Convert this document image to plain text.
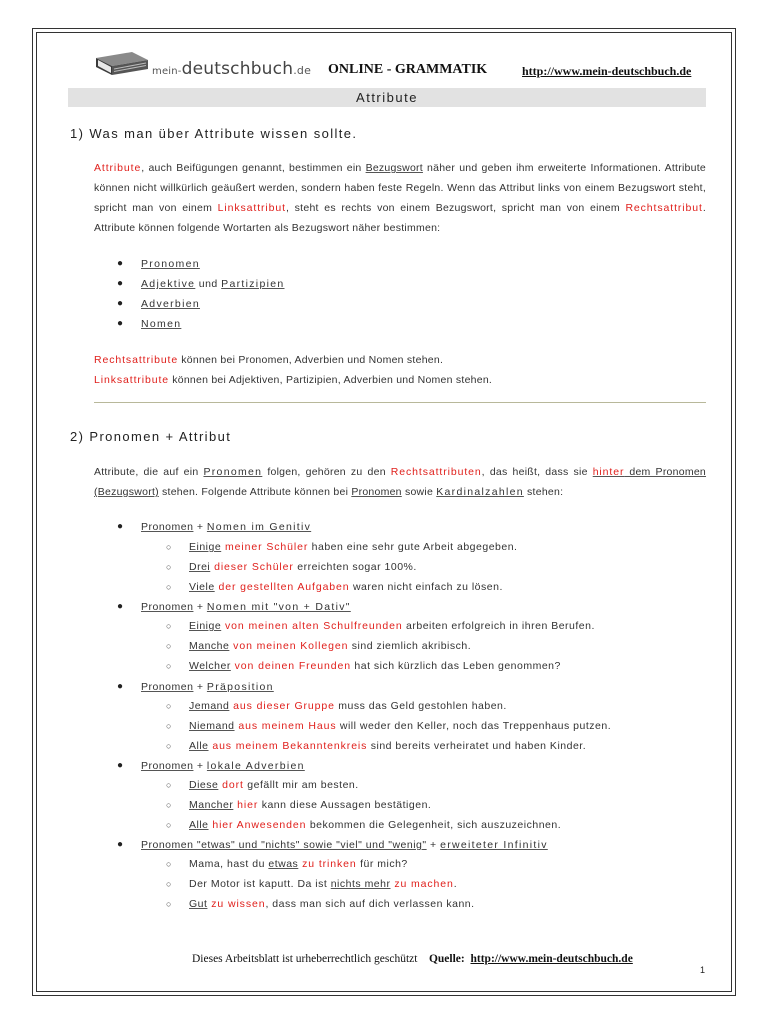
mein-deutschbuch.de ONLINE - GRAMMATIK	http://www.mein-deutschbuch.de
Attribute
1) Was man über Attribute wissen sollte.
Attribute, auch Beifügungen genannt, bestimmen ein Bezugswort näher und geben ihm erweiterte Informationen. Attribute können nicht willkürlich geäußert werden, sondern haben feste Regeln. Wenn das Attribut links von einem Bezugswort steht, spricht man von einem Linksattribut, steht es rechts von einem Bezugswort, spricht man von einem Rechtsattribut. Attribute können folgende Wortarten als Bezugswort näher bestimmen:
● Pronomen
● Adjektive und Partizipien
● Adverbien
● Nomen
Rechtsattribute können bei Pronomen, Adverbien und Nomen stehen.
Linksattribute können bei Adjektiven, Partizipien, Adverbien und Nomen stehen.
2) Pronomen + Attribut
Attribute, die auf ein Pronomen folgen, gehören zu den Rechtsattributen, das heißt, dass sie hinter dem Pronomen (Bezugswort) stehen. Folgende Attribute können bei Pronomen sowie Kardinalzahlen stehen:
● Pronomen + Nomen im Genitiv
○ Einige meiner Schüler haben eine sehr gute Arbeit abgegeben.
○ Drei dieser Schüler erreichten sogar 100%.
○ Viele der gestellten Aufgaben waren nicht einfach zu lösen.
● Pronomen + Nomen mit "von + Dativ"
○ Einige von meinen alten Schulfreunden arbeiten erfolgreich in ihren Berufen.
○ Manche von meinen Kollegen sind ziemlich akribisch.
○ Welcher von deinen Freunden hat sich kürzlich das Leben genommen?
● Pronomen + Präposition
○ Jemand aus dieser Gruppe muss das Geld gestohlen haben.
○ Niemand aus meinem Haus will weder den Keller, noch das Treppenhaus putzen.
○ Alle aus meinem Bekanntenkreis sind bereits verheiratet und haben Kinder.
● Pronomen + lokale Adverbien
○ Diese dort gefällt mir am besten.
○ Mancher hier kann diese Aussagen bestätigen.
○ Alle hier Anwesenden bekommen die Gelegenheit, sich auszuzeichnen.
● Pronomen "etwas" und "nichts" sowie "viel" und "wenig" + erweiteter Infinitiv
○ Mama, hast du etwas zu trinken für mich?
○ Der Motor ist kaputt. Da ist nichts mehr zu machen.
○ Gut zu wissen, dass man sich auf dich verlassen kann.
Dieses Arbeitsblatt ist urheberrechtlich geschützt Quelle: http://www.mein-deutschbuch.de
1
